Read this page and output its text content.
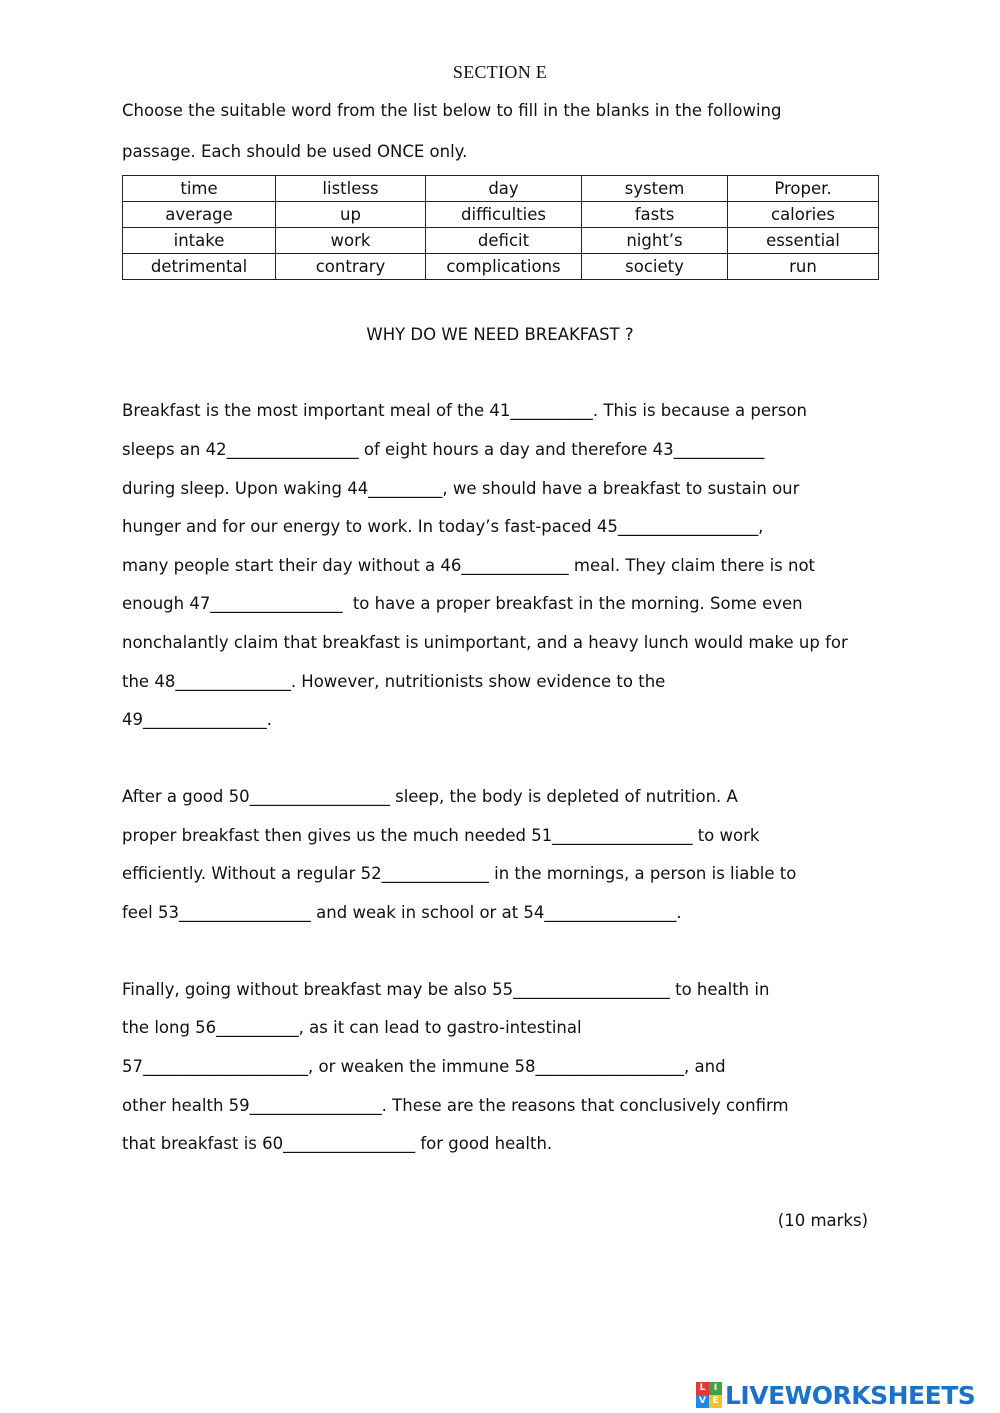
SECTION E
Choose the suitable word from the list below to fill in the blanks in the following
passage. Each should be used ONCE only.
time	listless	day	system	Proper.
average	up	difficulties	fasts	calories
intake	work	deficit	night’s	essential
detrimental	contrary	complications	society	run
WHY DO WE NEED BREAKFAST ?
Breakfast is the most important meal of the 41__________. This is because a person
sleeps an 42________________ of eight hours a day and therefore 43___________
during sleep. Upon waking 44_________, we should have a breakfast to sustain our
hunger and for our energy to work. In today’s fast-paced 45_________________,
many people start their day without a 46_____________ meal. They claim there is not
enough 47________________  to have a proper breakfast in the morning. Some even
nonchalantly claim that breakfast is unimportant, and a heavy lunch would make up for
the 48______________. However, nutritionists show evidence to the
49_______________.
After a good 50_________________ sleep, the body is depleted of nutrition. A
proper breakfast then gives us the much needed 51_________________ to work
efficiently. Without a regular 52_____________ in the mornings, a person is liable to
feel 53________________ and weak in school or at 54________________.
Finally, going without breakfast may be also 55___________________ to health in
the long 56__________, as it can lead to gastro-intestinal
57____________________, or weaken the immune 58__________________, and
other health 59________________. These are the reasons that conclusively confirm
that breakfast is 60________________ for good health.
(10 marks)
L I
V E LIVEWORKSHEETS
